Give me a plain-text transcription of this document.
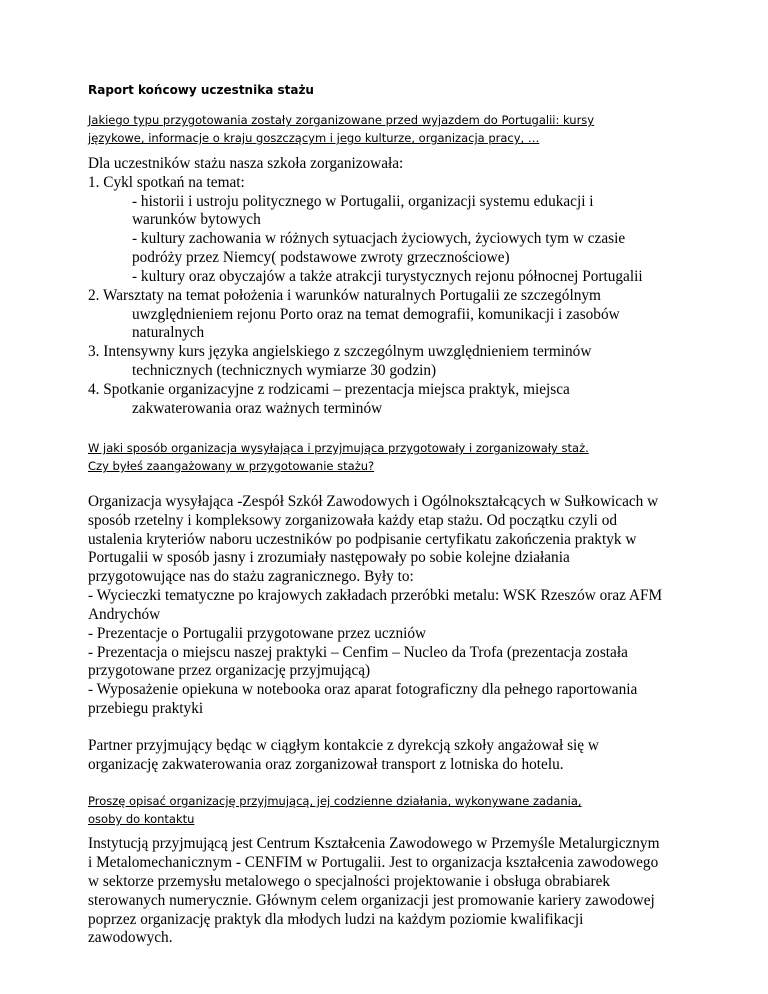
Raport końcowy uczestnika stażu
Jakiego typu przygotowania zostały zorganizowane przed wyjazdem do Portugalii: kursy
językowe, informacje o kraju goszczącym i jego kulturze, organizacja pracy, …
Dla uczestników stażu nasza szkoła zorganizowała:
1. Cykl spotkań na temat:
- historii i ustroju politycznego w Portugalii, organizacji systemu edukacji i
warunków bytowych
- kultury zachowania w różnych sytuacjach życiowych, życiowych tym w czasie
podróży przez Niemcy( podstawowe zwroty grzecznościowe)
- kultury oraz obyczajów a także atrakcji turystycznych rejonu północnej Portugalii
2. Warsztaty na temat położenia i warunków naturalnych Portugalii ze szczególnym
uwzględnieniem rejonu Porto oraz na temat demografii, komunikacji i zasobów
naturalnych
3. Intensywny kurs języka angielskiego z szczególnym uwzględnieniem terminów
technicznych (technicznych wymiarze 30 godzin)
4. Spotkanie organizacyjne z rodzicami – prezentacja miejsca praktyk, miejsca
zakwaterowania oraz ważnych terminów
W jaki sposób organizacja wysyłająca i przyjmująca przygotowały i zorganizowały staż.
Czy byłeś zaangażowany w przygotowanie stażu?
Organizacja wysyłająca -Zespół Szkół Zawodowych i Ogólnokształcących w Sułkowicach w
sposób rzetelny i kompleksowy zorganizowała każdy etap stażu. Od początku czyli od
ustalenia kryteriów naboru uczestników po podpisanie certyfikatu zakończenia praktyk w
Portugalii w sposób jasny i zrozumiały następowały po sobie kolejne działania
przygotowujące nas do stażu zagranicznego. Były to:
- Wycieczki tematyczne po krajowych zakładach przeróbki metalu: WSK Rzeszów oraz AFM
Andrychów
- Prezentacje o Portugalii przygotowane przez uczniów
- Prezentacja o miejscu naszej praktyki – Cenfim – Nucleo da Trofa (prezentacja została
przygotowane przez organizację przyjmującą)
- Wyposażenie opiekuna w notebooka oraz aparat fotograficzny dla pełnego raportowania
przebiegu praktyki
Partner przyjmujący będąc w ciągłym kontakcie z dyrekcją szkoły angażował się w
organizację zakwaterowania oraz zorganizował transport z lotniska do hotelu.
Proszę opisać organizację przyjmującą, jej codzienne działania, wykonywane zadania,
osoby do kontaktu
Instytucją przyjmującą jest Centrum Kształcenia Zawodowego w Przemyśle Metalurgicznym
i Metalomechanicznym - CENFIM w Portugalii. Jest to organizacja kształcenia zawodowego
w sektorze przemysłu metalowego o specjalności projektowanie i obsługa obrabiarek
sterowanych numerycznie. Głównym celem organizacji jest promowanie kariery zawodowej
poprzez organizację praktyk dla młodych ludzi na każdym poziomie kwalifikacji
zawodowych.
